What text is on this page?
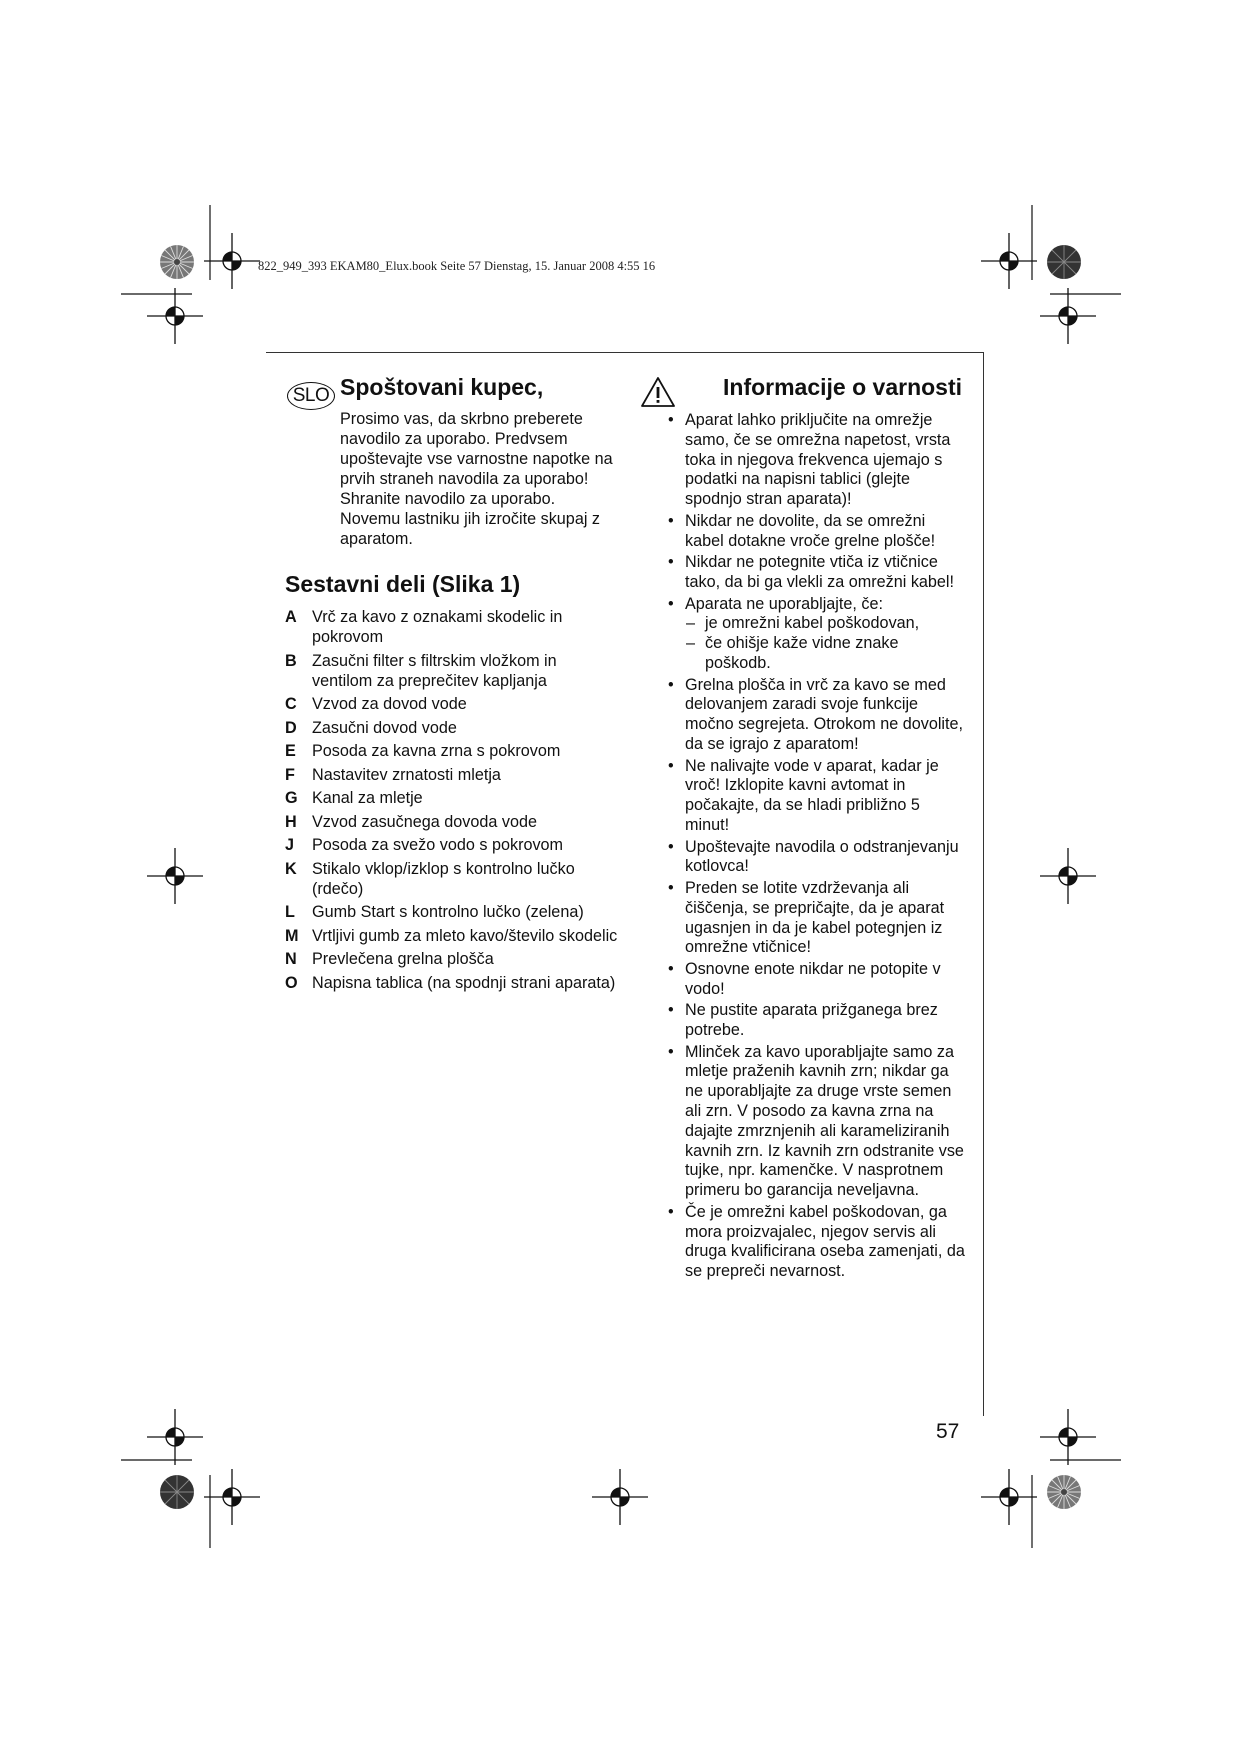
822_949_393 EKAM80_Elux.book Seite 57 Dienstag, 15. Januar 2008 4:55 16
SLO Spoštovani kupec,

Prosimo vas, da skrbno preberete navodilo za uporabo. Predvsem upoštevajte vse varnostne napotke na prvih straneh navodila za uporabo! Shranite navodilo za uporabo. Novemu lastniku jih izročite skupaj z aparatom.

Sestavni deli (Slika 1)
A Vrč za kavo z oznakami skodelic in pokrovom
B Zasučni filter s filtrskim vložkom in ventilom za preprečitev kapljanja
C Vzvod za dovod vode
D Zasučni dovod vode
E Posoda za kavna zrna s pokrovom
F	Nastavitev zrnatosti mletja
G Kanal za mletje
H Vzvod zasučnega dovoda vode
J	Posoda za svežo vodo s pokrovom
K Stikalo vklop/izklop s kontrolno lučko (rdečo)
L	Gumb Start s kontrolno lučko (zelena)
M Vrtljivi gumb za mleto kavo/število skodelic
N Prevlečena grelna plošča
O Napisna tablica (na spodnji strani aparata)
Informacije o varnosti
• Aparat lahko priključite na omrežje samo, če se omrežna napetost, vrsta toka in njegova frekvenca ujemajo s podatki na napisni tablici (glejte spodnjo stran aparata)!
• Nikdar ne dovolite, da se omrežni kabel dotakne vroče grelne plošče!
• Nikdar ne potegnite vtiča iz vtičnice tako, da bi ga vlekli za omrežni kabel!
• Aparata ne uporabljajte, če:
– je omrežni kabel poškodovan,
– če ohišje kaže vidne znake poškodb.
• Grelna plošča in vrč za kavo se med delovanjem zaradi svoje funkcije močno segrejeta. Otrokom ne dovolite, da se igrajo z aparatom!
• Ne nalivajte vode v aparat, kadar je vroč! Izklopite kavni avtomat in počakajte, da se hladi približno 5 minut!
• Upoštevajte navodila o odstranjevanju kotlovca!
• Preden se lotite vzdrževanja ali čiščenja, se prepričajte, da je aparat ugasnjen in da je kabel potegnjen iz omrežne vtičnice!
• Osnovne enote nikdar ne potopite v vodo!
• Ne pustite aparata prižganega brez potrebe.
• Mlinček za kavo uporabljajte samo za mletje praženih kavnih zrn; nikdar ga ne uporabljajte za druge vrste semen ali zrn. V posodo za kavna zrna na dajajte zmrznjenih ali karameliziranih kavnih zrn. Iz kavnih zrn odstranite vse tujke, npr. kamenčke. V nasprotnem primeru bo garancija neveljavna.
• Če je omrežni kabel poškodovan, ga mora proizvajalec, njegov servis ali druga kvalificirana oseba zamenjati, da se prepreči nevarnost.
57
